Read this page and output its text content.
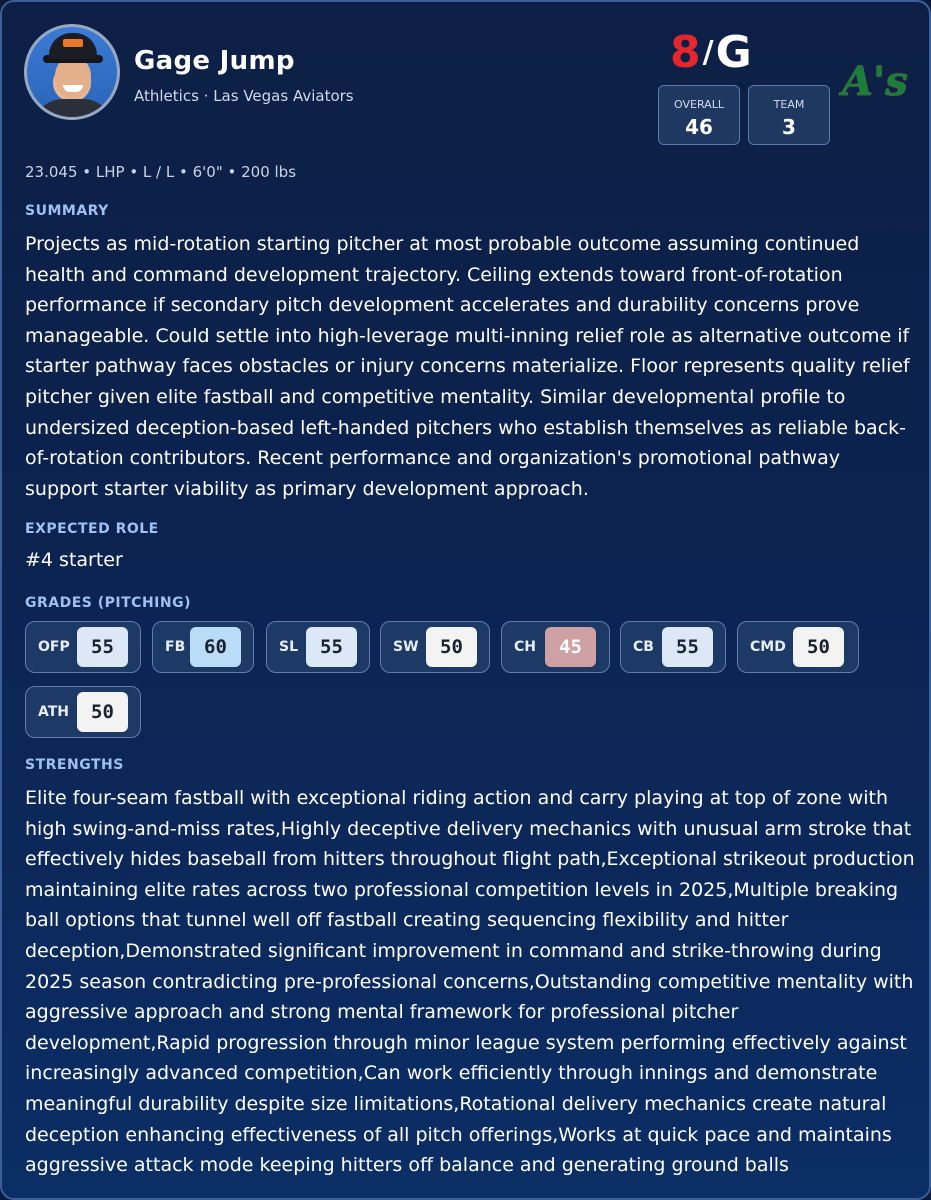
Gage Jump
Athletics · Las Vegas Aviators
8 / G
OVERALL
46
TEAM
3
A's
23.045 • LHP • L / L • 6'0" • 200 lbs
SUMMARY
Projects as mid-rotation starting pitcher at most probable outcome assuming continued health and command development trajectory. Ceiling extends toward front-of-rotation performance if secondary pitch development accelerates and durability concerns prove manageable. Could settle into high-leverage multi-inning relief role as alternative outcome if starter pathway faces obstacles or injury concerns materialize. Floor represents quality relief pitcher given elite fastball and competitive mentality. Similar developmental profile to undersized deception-based left-handed pitchers who establish themselves as reliable back-of-rotation contributors. Recent performance and organization's promotional pathway support starter viability as primary development approach.
EXPECTED ROLE
#4 starter
GRADES (PITCHING)
OFP	55	FB 60	SL	55	SW	50	CH	45	CB	55	CMD	50
ATH	50
STRENGTHS
Elite four-seam fastball with exceptional riding action and carry playing at top of zone with high swing-and-miss rates,Highly deceptive delivery mechanics with unusual arm stroke that effectively hides baseball from hitters throughout flight path,Exceptional strikeout production maintaining elite rates across two professional competition levels in 2025,Multiple breaking ball options that tunnel well off fastball creating sequencing flexibility and hitter deception,Demonstrated significant improvement in command and strike-throwing during 2025 season contradicting pre-professional concerns,Outstanding competitive mentality with aggressive approach and strong mental framework for professional pitcher development,Rapid progression through minor league system performing effectively against increasingly advanced competition,Can work efficiently through innings and demonstrate meaningful durability despite size limitations,Rotational delivery mechanics create natural deception enhancing effectiveness of all pitch offerings,Works at quick pace and maintains aggressive attack mode keeping hitters off balance and generating ground balls
